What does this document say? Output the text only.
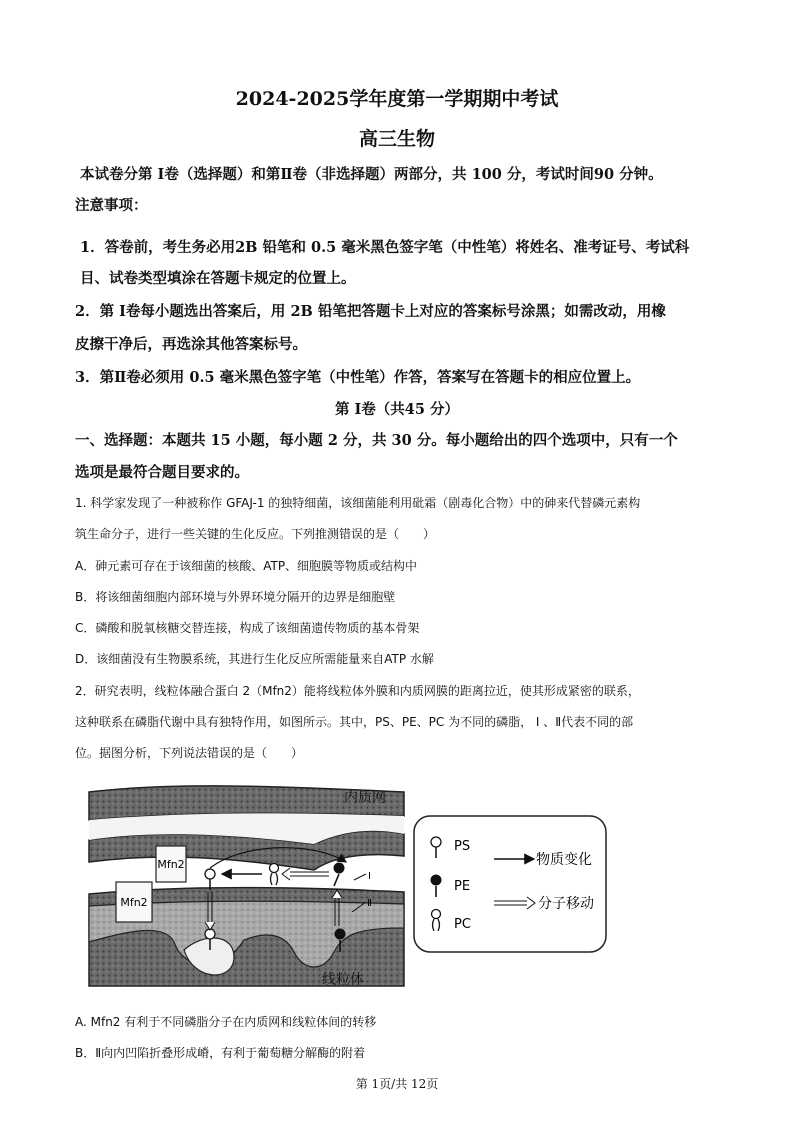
2024-2025学年度第一学期期中考试
高三生物
本试卷分第 Ⅰ卷（选择题）和第Ⅱ卷（非选择题）两部分，共 100 分，考试时间90 分钟。
注意事项：
1．答卷前，考生务必用2B 铅笔和 0.5 毫米黑色签字笔（中性笔）将姓名、准考证号、考试科
目、试卷类型填涂在答题卡规定的位置上。
2．第 Ⅰ卷每小题选出答案后，用 2B 铅笔把答题卡上对应的答案标号涂黑；如需改动，用橡
皮擦干净后，再选涂其他答案标号。
3．第Ⅱ卷必须用 0.5 毫米黑色签字笔（中性笔）作答，答案写在答题卡的相应位置上。
第 Ⅰ卷（共45 分）
一、选择题：本题共 15 小题，每小题 2 分，共 30 分。每小题给出的四个选项中，只有一个
选项是最符合题目要求的。
1. 科学家发现了一种被称作 GFAJ-1 的独特细菌，该细菌能利用砒霜（剧毒化合物）中的砷来代替磷元素构
筑生命分子，进行一些关键的生化反应。下列推测错误的是（　　）
A．砷元素可存在于该细菌的核酸、ATP、细胞膜等物质或结构中
B．将该细菌细胞内部环境与外界环境分隔开的边界是细胞壁
C．磷酸和脱氧核糖交替连接，构成了该细菌遗传物质的基本骨架
D．该细菌没有生物膜系统，其进行生化反应所需能量来自ATP 水解
2．研究表明，线粒体融合蛋白 2（Mfn2）能将线粒体外膜和内质网膜的距离拉近，使其形成紧密的联系，
这种联系在磷脂代谢中具有独特作用，如图所示。其中，PS、PE、PC 为不同的磷脂， Ⅰ 、Ⅱ代表不同的部
位。据图分析，下列说法错误的是（　　）
Mfn2
Mfn2
Ⅰ
Ⅱ
内质网
线粒体
PS
PE
PC
物质变化
分子移动
A. Mfn2 有利于不同磷脂分子在内质网和线粒体间的转移
B．Ⅱ向内凹陷折叠形成嵴，有利于葡萄糖分解酶的附着
第 1页/共 12页
